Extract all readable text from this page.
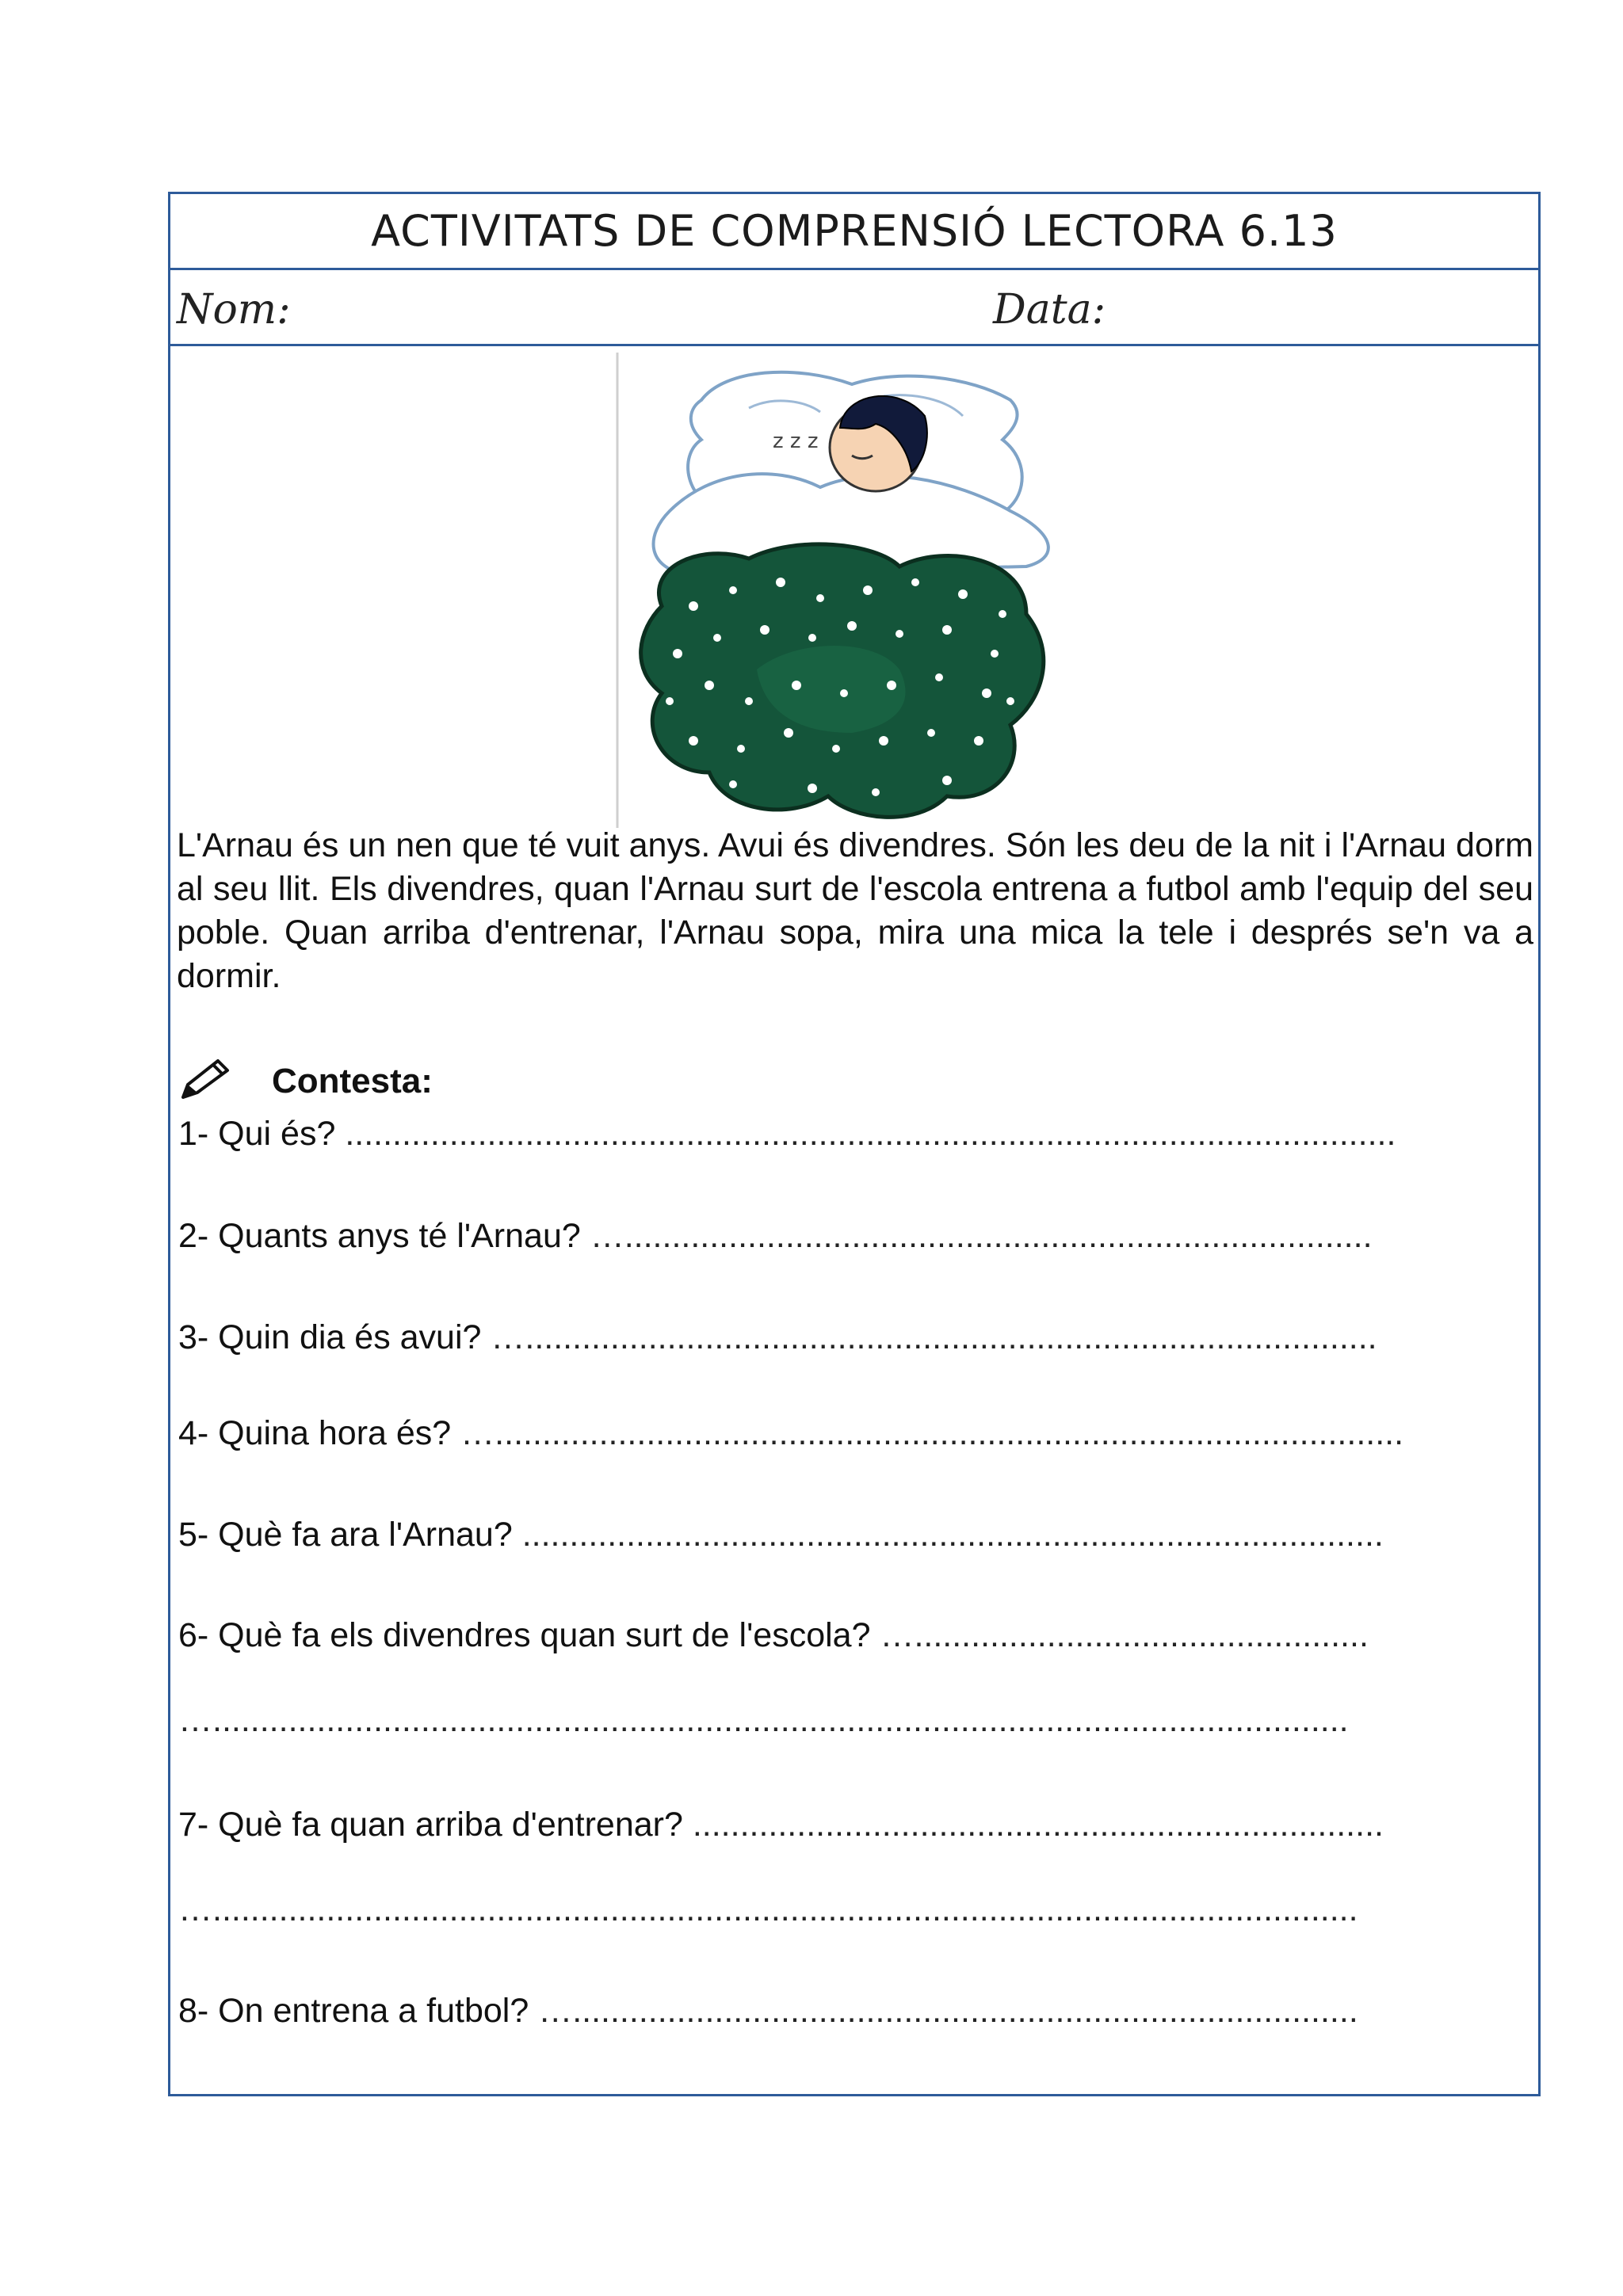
ACTIVITATS DE COMPRENSIÓ LECTORA 6.13
Nom:	Data:
z z z
L'Arnau és un nen que té vuit anys. Avui és divendres. Són les deu de la nit i l'Arnau dorm al seu llit. Els divendres, quan l'Arnau surt de l'escola entrena a futbol amb l'equip del seu poble. Quan arriba d'entrenar, l'Arnau sopa, mira una mica la tele i després se'n va a dormir.
Contesta:
1- Qui és? ...............................................................................................................
2- Quants anys té l'Arnau? …...............................................................................
3- Quin dia és avui? …..........................................................................................
4- Quina hora és? …................................................................................................
5- Què fa ara l'Arnau? ...........................................................................................
6- Què fa els divendres quan surt de l'escola? …................................................
…........................................................................................................................
7- Què fa quan arriba d'entrenar? .........................................................................
….........................................................................................................................
8- On entrena a futbol? …...................................................................................
